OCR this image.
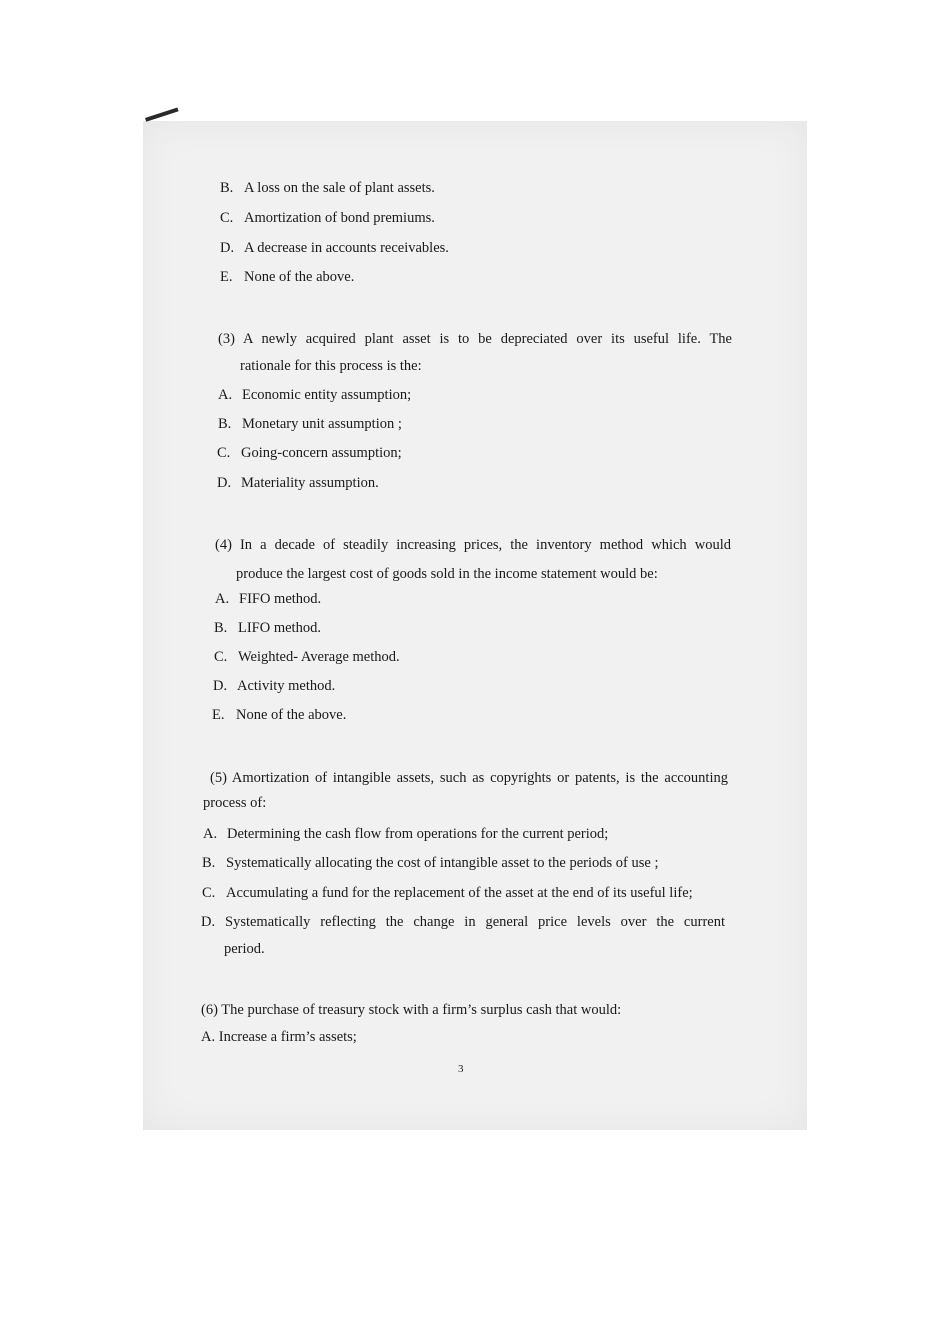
B. A loss on the sale of plant assets.
C. Amortization of bond premiums.
D. A decrease in accounts receivables.
E. None of the above.
(3) A newly acquired plant asset is to be depreciated over its useful life. The
rationale for this process is the:
A. Economic entity assumption;
B. Monetary unit assumption ;
C. Going-concern assumption;
D. Materiality assumption.
(4) In a decade of steadily increasing prices, the inventory method which would
produce the largest cost of goods sold in the income statement would be:
A. FIFO method.
B. LIFO method.
C. Weighted- Average method.
D. Activity method.
E. None of the above.
(5) Amortization of intangible assets, such as copyrights or patents, is the accounting
process of:
A. Determining the cash flow from operations for the current period;
B. Systematically allocating the cost of intangible asset to the periods of use ;
C. Accumulating a fund for the replacement of the asset at the end of its useful life;
D. Systematically reflecting the change in general price levels over the current
period.
(6) The purchase of treasury stock with a firm’s surplus cash that would:
A. Increase a firm’s assets;
3
